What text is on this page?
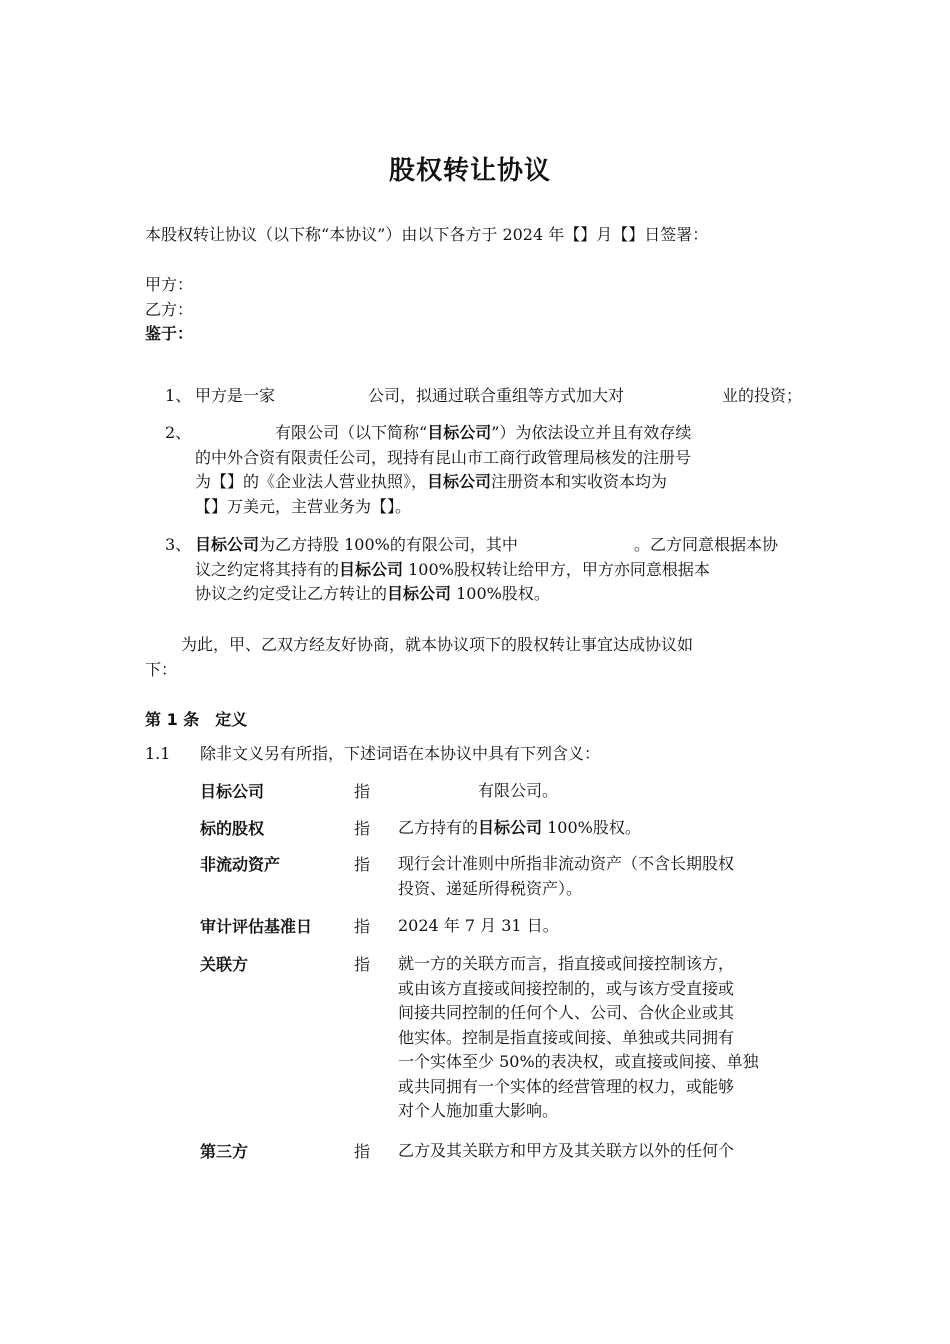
股权转让协议
本股权转让协议（以下称“本协议”）由以下各方于 2024 年【】月【】日签署：
甲方：
乙方：
鉴于：
1、 甲方是一家	公司，拟通过联合重组等方式加大对	业的投资；
2、	有限公司（以下简称“目标公司”）为依法设立并且有效存续
的中外合资有限责任公司，现持有昆山市工商行政管理局核发的注册号
为【】的《企业法人营业执照》，目标公司注册资本和实收资本均为
【】万美元，主营业务为【】。
3、 目标公司为乙方持股 100%的有限公司，其中	。乙方同意根据本协
议之约定将其持有的目标公司 100%股权转让给甲方，甲方亦同意根据本
协议之约定受让乙方转让的目标公司 100%股权。
为此，甲、乙双方经友好协商，就本协议项下的股权转让事宜达成协议如
下：
第 1 条　定义
1.1 除非文义另有所指，下述词语在本协议中具有下列含义：
目标公司	指 　　　　　有限公司。
标的股权	指 乙方持有的目标公司 100%股权。
非流动资产	指 现行会计准则中所指非流动资产（不含长期股权
投资、递延所得税资产）。
审计评估基准日	指 2024 年 7 月 31 日。
关联方	指 就一方的关联方而言，指直接或间接控制该方，
或由该方直接或间接控制的，或与该方受直接或
间接共同控制的任何个人、公司、合伙企业或其
他实体。控制是指直接或间接、单独或共同拥有
一个实体至少 50%的表决权，或直接或间接、单独
或共同拥有一个实体的经营管理的权力，或能够
对个人施加重大影响。
第三方	指 乙方及其关联方和甲方及其关联方以外的任何个
